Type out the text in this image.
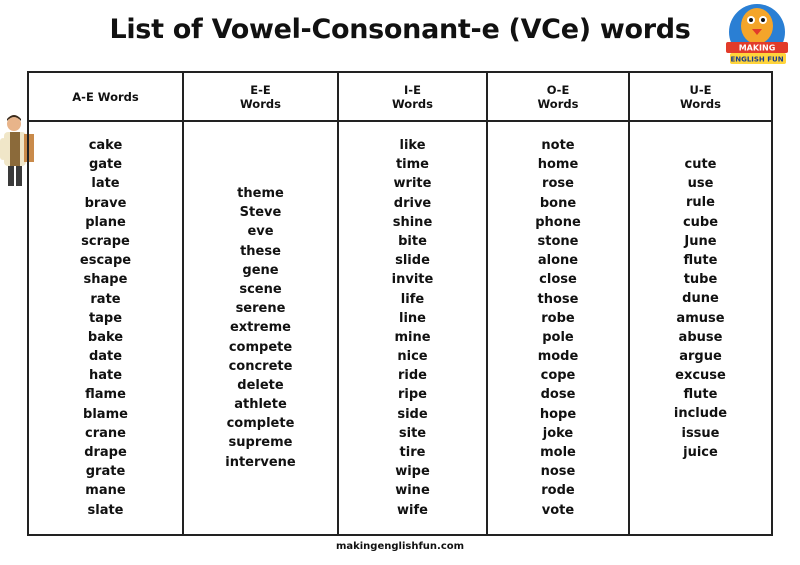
List of Vowel-Consonant-e (VCe) words
MAKING
ENGLISH FUN
A-E Words
cake
gate
late
brave
plane
scrape
escape
shape
rate
tape
bake
date
hate
flame
blame
crane
drape
grate
mane
slate
E-E
Words
theme
Steve
eve
these
gene
scene
serene
extreme
compete
concrete
delete
athlete
complete
supreme
intervene
I-E
Words
like
time
write
drive
shine
bite
slide
invite
life
line
mine
nice
ride
ripe
side
site
tire
wipe
wine
wife
O-E
Words
note
home
rose
bone
phone
stone
alone
close
those
robe
pole
mode
cope
dose
hope
joke
mole
nose
rode
vote
U-E
Words
cute
use
rule
cube
June
flute
tube
dune
amuse
abuse
argue
excuse
flute
include
issue
juice
makingenglishfun.com
